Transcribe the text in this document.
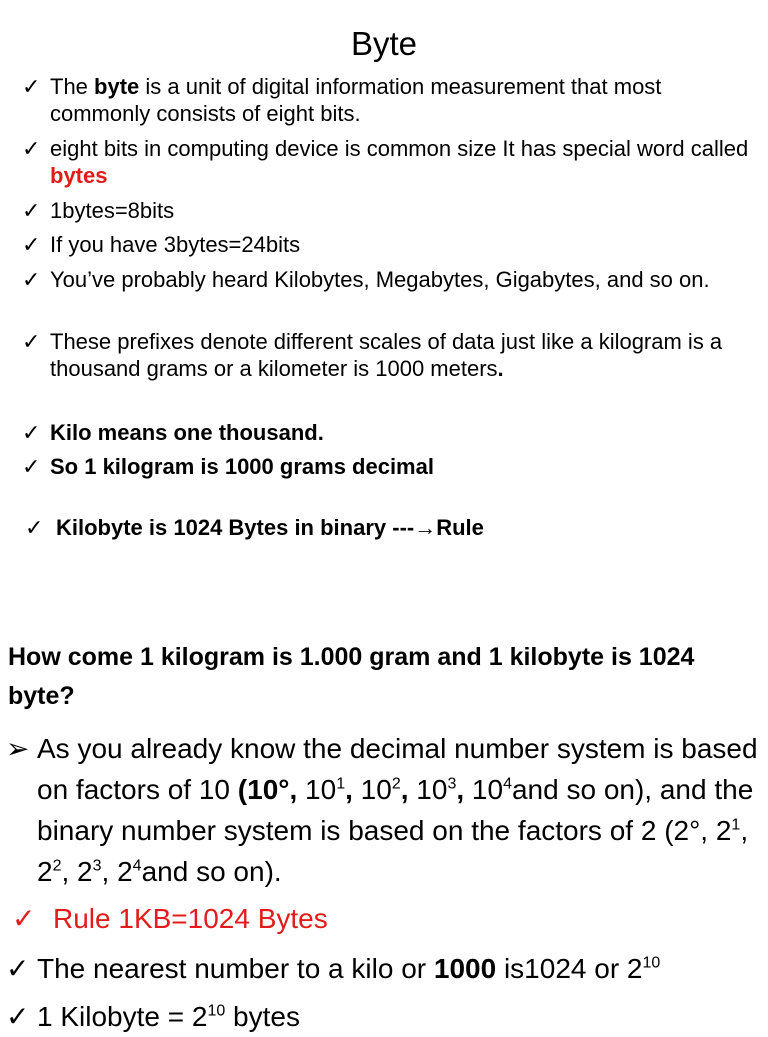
Byte
✓ The byte is a unit of digital information measurement that most commonly consists of eight bits.
✓ eight bits in computing device is common size It has special word called bytes
✓ 1bytes=8bits
✓ If you have 3bytes=24bits
✓ You’ve probably heard Kilobytes, Megabytes, Gigabytes, and so on.
✓ These prefixes denote different scales of data just like a kilogram is a thousand grams or a kilometer is 1000 meters.
✓ Kilo means one thousand.
✓ So 1 kilogram is 1000 grams decimal
✓ Kilobyte is 1024 Bytes in binary ---→Rule
How come 1 kilogram is 1.000 gram and 1 kilobyte is 1024 byte?
➢ As you already know the decimal number system is based on factors of 10 (10°, $10^1$, $10^2$, $10^3$, $10^4and$ so on), and the binary number system is based on the factors of 2 (2°, $2^1$, $2^2$, $2^3$, $2^4and$ so on).
✓ Rule 1KB=1024 Bytes
✓ The nearest number to a kilo or 1000 is1024 or $2^{10}$
✓ 1 Kilobyte = $2^{10}$ bytes
